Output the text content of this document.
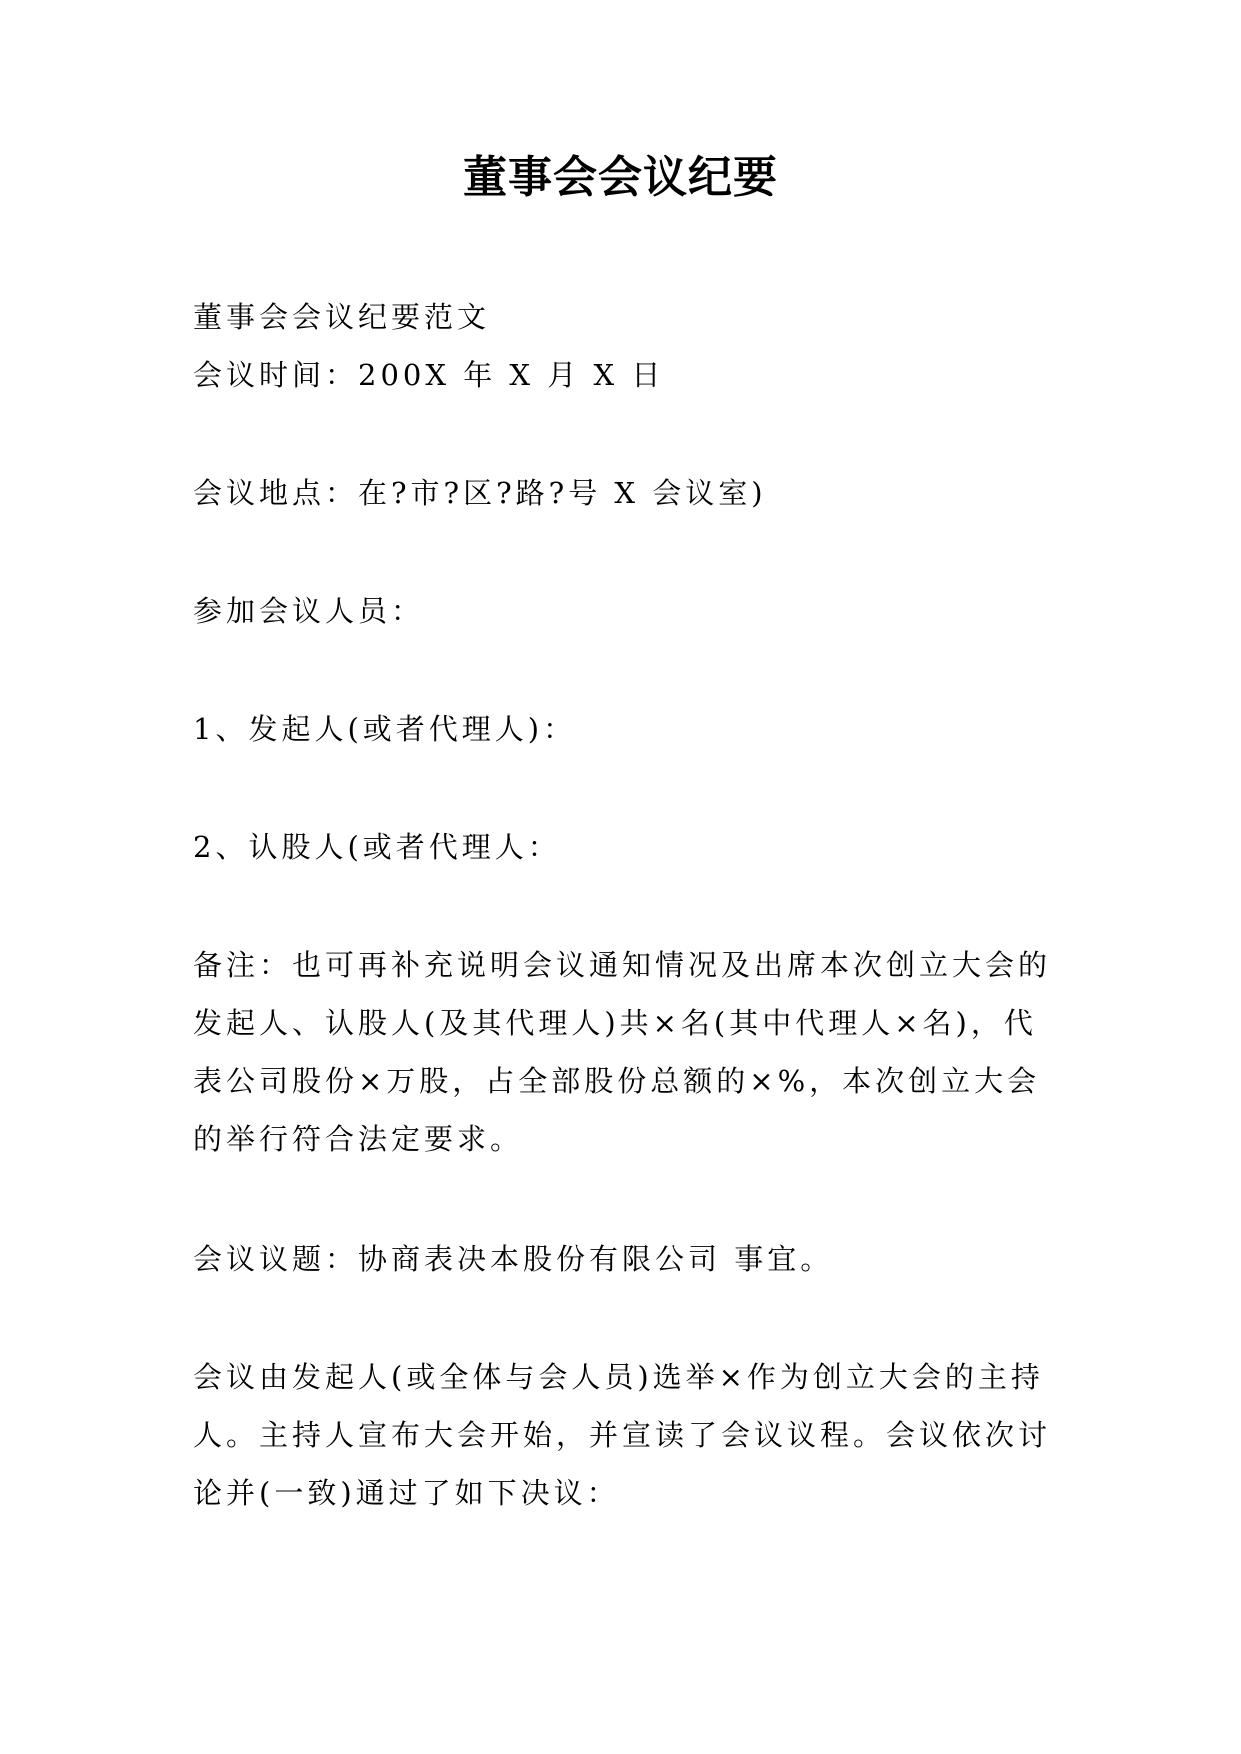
董事会会议纪要
董事会会议纪要范文
会议时间：200X 年 X 月 X 日
会议地点：在?市?区?路?号 X 会议室)
参加会议人员：
1、发起人(或者代理人)：
2、认股人(或者代理人：
备注：也可再补充说明会议通知情况及出席本次创立大会的发起人、认股人(及其代理人)共×名(其中代理人×名)，代表公司股份×万股，占全部股份总额的×%，本次创立大会的举行符合法定要求。
会议议题：协商表决本股份有限公司 事宜。
会议由发起人(或全体与会人员)选举×作为创立大会的主持人。主持人宣布大会开始，并宣读了会议议程。会议依次讨论并(一致)通过了如下决议：
